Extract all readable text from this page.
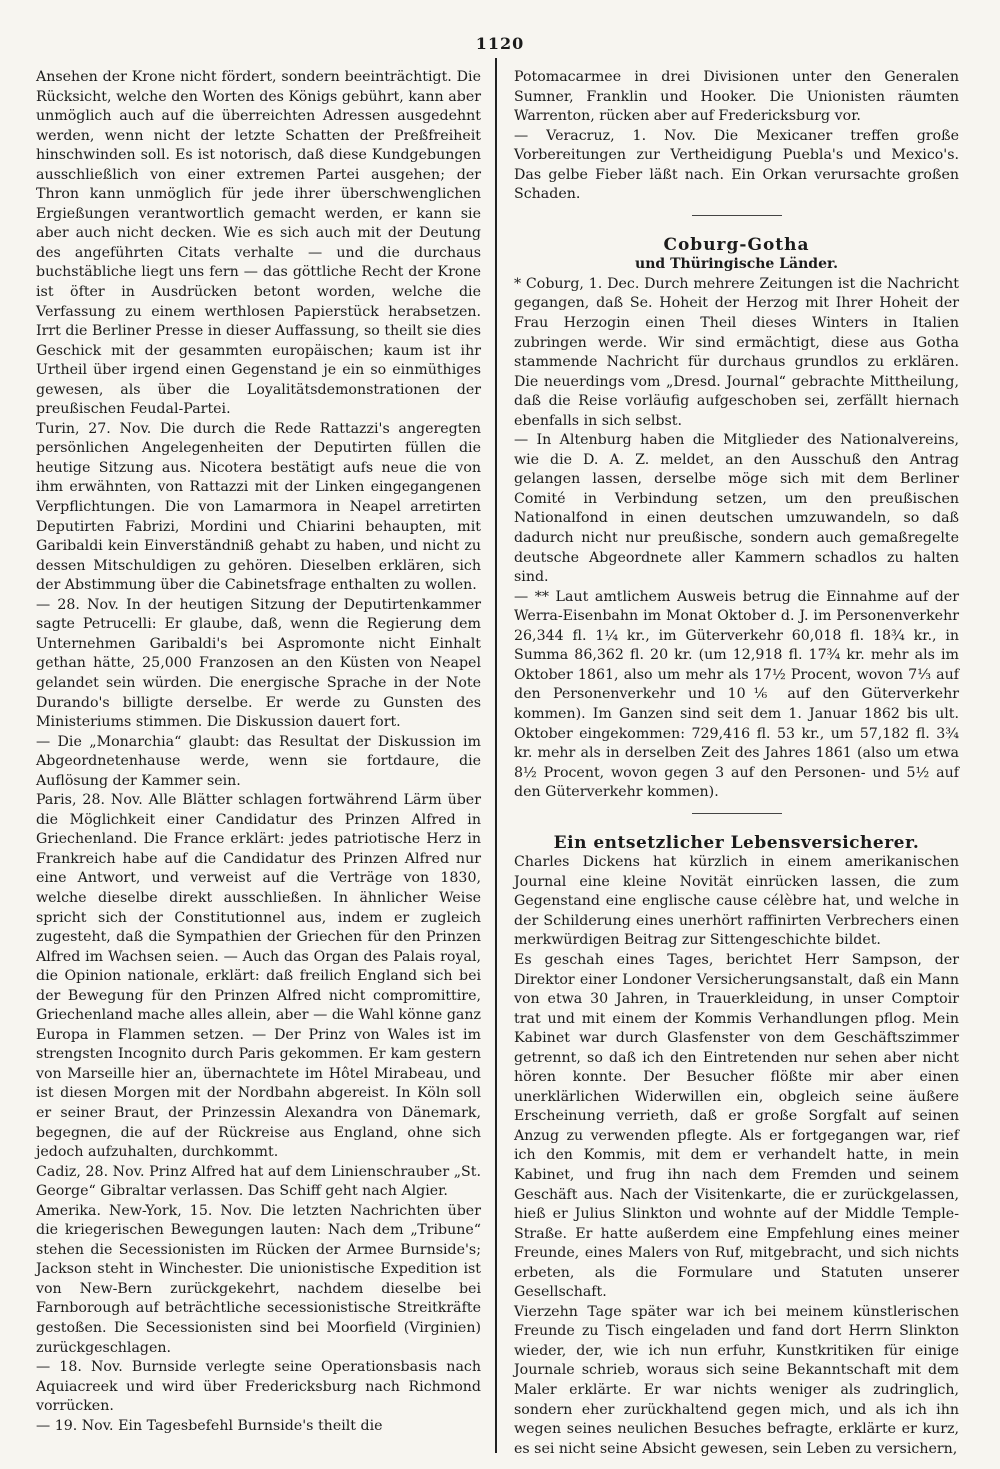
1120

Ansehen der Krone nicht fördert, sondern beeinträchtigt. Die Rücksicht, welche den Worten des Königs gebührt, kann aber unmöglich auch auf die überreichten Adressen ausgedehnt werden, wenn nicht der letzte Schatten der Preßfreiheit hinschwinden soll. Es ist notorisch, daß diese Kundgebungen ausschließlich von einer extremen Partei ausgehen; der Thron kann unmöglich für jede ihrer überschwenglichen Ergießungen verantwortlich gemacht werden, er kann sie aber auch nicht decken. Wie es sich auch mit der Deutung des angeführten Citats verhalte — und die durchaus buchstäbliche liegt uns fern — das göttliche Recht der Krone ist öfter in Ausdrücken betont worden, welche die Verfassung zu einem werthlosen Papierstück herabsetzen. Irrt die Berliner Presse in dieser Auffassung, so theilt sie dies Geschick mit der gesammten europäischen; kaum ist ihr Urtheil über irgend einen Gegenstand je ein so einmüthiges gewesen, als über die Loyalitätsdemonstrationen der preußischen Feudal-Partei.

Turin, 27. Nov. Die durch die Rede Rattazzi's angeregten persönlichen Angelegenheiten der Deputirten füllen die heutige Sitzung aus. Nicotera bestätigt aufs neue die von ihm erwähnten, von Rattazzi mit der Linken eingegangenen Verpflichtungen. Die von Lamarmora in Neapel arretirten Deputirten Fabrizi, Mordini und Chiarini behaupten, mit Garibaldi kein Einverständniß gehabt zu haben, und nicht zu dessen Mitschuldigen zu gehören. Dieselben erklären, sich der Abstimmung über die Cabinetsfrage enthalten zu wollen.

— 28. Nov. In der heutigen Sitzung der Deputirtenkammer sagte Petrucelli: Er glaube, daß, wenn die Regierung dem Unternehmen Garibaldi's bei Aspromonte nicht Einhalt gethan hätte, 25,000 Franzosen an den Küsten von Neapel gelandet sein würden. Die energische Sprache in der Note Durando's billigte derselbe. Er werde zu Gunsten des Ministeriums stimmen. Die Diskussion dauert fort.

— Die „Monarchia“ glaubt: das Resultat der Diskussion im Abgeordnetenhause werde, wenn sie fortdaure, die Auflösung der Kammer sein.

Paris, 28. Nov. Alle Blätter schlagen fortwährend Lärm über die Möglichkeit einer Candidatur des Prinzen Alfred in Griechenland. Die France erklärt: jedes patriotische Herz in Frankreich habe auf die Candidatur des Prinzen Alfred nur eine Antwort, und verweist auf die Verträge von 1830, welche dieselbe direkt ausschließen. In ähnlicher Weise spricht sich der Constitutionnel aus, indem er zugleich zugesteht, daß die Sympathien der Griechen für den Prinzen Alfred im Wachsen seien. — Auch das Organ des Palais royal, die Opinion nationale, erklärt: daß freilich England sich bei der Bewegung für den Prinzen Alfred nicht compromittire, Griechenland mache alles allein, aber — die Wahl könne ganz Europa in Flammen setzen. — Der Prinz von Wales ist im strengsten Incognito durch Paris gekommen. Er kam gestern von Marseille hier an, übernachtete im Hôtel Mirabeau, und ist diesen Morgen mit der Nordbahn abgereist. In Köln soll er seiner Braut, der Prinzessin Alexandra von Dänemark, begegnen, die auf der Rückreise aus England, ohne sich jedoch aufzuhalten, durchkommt.

Cadiz, 28. Nov. Prinz Alfred hat auf dem Linienschrauber „St. George“ Gibraltar verlassen. Das Schiff geht nach Algier.

Amerika. New-York, 15. Nov. Die letzten Nachrichten über die kriegerischen Bewegungen lauten: Nach dem „Tribune“ stehen die Secessionisten im Rücken der Armee Burnside's; Jackson steht in Winchester. Die unionistische Expedition ist von New-Bern zurückgekehrt, nachdem dieselbe bei Farnborough auf beträchtliche secessionistische Streitkräfte gestoßen. Die Secessionisten sind bei Moorfield (Virginien) zurückgeschlagen.

— 18. Nov. Burnside verlegte seine Operationsbasis nach Aquiacreek und wird über Fredericksburg nach Richmond vorrücken.

— 19. Nov. Ein Tagesbefehl Burnside's theilt die

Potomacarmee in drei Divisionen unter den Generalen Sumner, Franklin und Hooker. Die Unionisten räumten Warrenton, rücken aber auf Fredericksburg vor.

— Veracruz, 1. Nov. Die Mexicaner treffen große Vorbereitungen zur Vertheidigung Puebla's und Mexico's. Das gelbe Fieber läßt nach. Ein Orkan verursachte großen Schaden.

Coburg-Gotha

und Thüringische Länder.

* Coburg, 1. Dec. Durch mehrere Zeitungen ist die Nachricht gegangen, daß Se. Hoheit der Herzog mit Ihrer Hoheit der Frau Herzogin einen Theil dieses Winters in Italien zubringen werde. Wir sind ermächtigt, diese aus Gotha stammende Nachricht für durchaus grundlos zu erklären. Die neuerdings vom „Dresd. Journal“ gebrachte Mittheilung, daß die Reise vorläufig aufgeschoben sei, zerfällt hiernach ebenfalls in sich selbst.

— In Altenburg haben die Mitglieder des Nationalvereins, wie die D. A. Z. meldet, an den Ausschuß den Antrag gelangen lassen, derselbe möge sich mit dem Berliner Comité in Verbindung setzen, um den preußischen Nationalfond in einen deutschen umzuwandeln, so daß dadurch nicht nur preußische, sondern auch gemaßregelte deutsche Abgeordnete aller Kammern schadlos zu halten sind.

— ** Laut amtlichem Ausweis betrug die Einnahme auf der Werra-Eisenbahn im Monat Oktober d. J. im Personenverkehr 26,344 fl. 1¼ kr., im Güterverkehr 60,018 fl. 18¾ kr., in Summa 86,362 fl. 20 kr. (um 12,918 fl. 17¾ kr. mehr als im Oktober 1861, also um mehr als 17½ Procent, wovon 7⅓ auf den Personenverkehr und 10⅙ auf den Güterverkehr kommen). Im Ganzen sind seit dem 1. Januar 1862 bis ult. Oktober eingekommen: 729,416 fl. 53 kr., um 57,182 fl. 3¾ kr. mehr als in derselben Zeit des Jahres 1861 (also um etwa 8½ Procent, wovon gegen 3 auf den Personen- und 5½ auf den Güterverkehr kommen).

Ein entsetzlicher Lebensversicherer.

Charles Dickens hat kürzlich in einem amerikanischen Journal eine kleine Novität einrücken lassen, die zum Gegenstand eine englische cause célèbre hat, und welche in der Schilderung eines unerhört raffinirten Verbrechers einen merkwürdigen Beitrag zur Sittengeschichte bildet.

Es geschah eines Tages, berichtet Herr Sampson, der Direktor einer Londoner Versicherungsanstalt, daß ein Mann von etwa 30 Jahren, in Trauerkleidung, in unser Comptoir trat und mit einem der Kommis Verhandlungen pflog. Mein Kabinet war durch Glasfenster von dem Geschäftszimmer getrennt, so daß ich den Eintretenden nur sehen aber nicht hören konnte. Der Besucher flößte mir aber einen unerklärlichen Widerwillen ein, obgleich seine äußere Erscheinung verrieth, daß er große Sorgfalt auf seinen Anzug zu verwenden pflegte. Als er fortgegangen war, rief ich den Kommis, mit dem er verhandelt hatte, in mein Kabinet, und frug ihn nach dem Fremden und seinem Geschäft aus. Nach der Visitenkarte, die er zurückgelassen, hieß er Julius Slinkton und wohnte auf der Middle Temple-Straße. Er hatte außerdem eine Empfehlung eines meiner Freunde, eines Malers von Ruf, mitgebracht, und sich nichts erbeten, als die Formulare und Statuten unserer Gesellschaft.

Vierzehn Tage später war ich bei meinem künstlerischen Freunde zu Tisch eingeladen und fand dort Herrn Slinkton wieder, der, wie ich nun erfuhr, Kunstkritiken für einige Journale schrieb, woraus sich seine Bekanntschaft mit dem Maler erklärte. Er war nichts weniger als zudringlich, sondern eher zurückhaltend gegen mich, und als ich ihn wegen seines neulichen Besuches befragte, erklärte er kurz, es sei nicht seine Absicht gewesen, sein Leben zu versichern,
